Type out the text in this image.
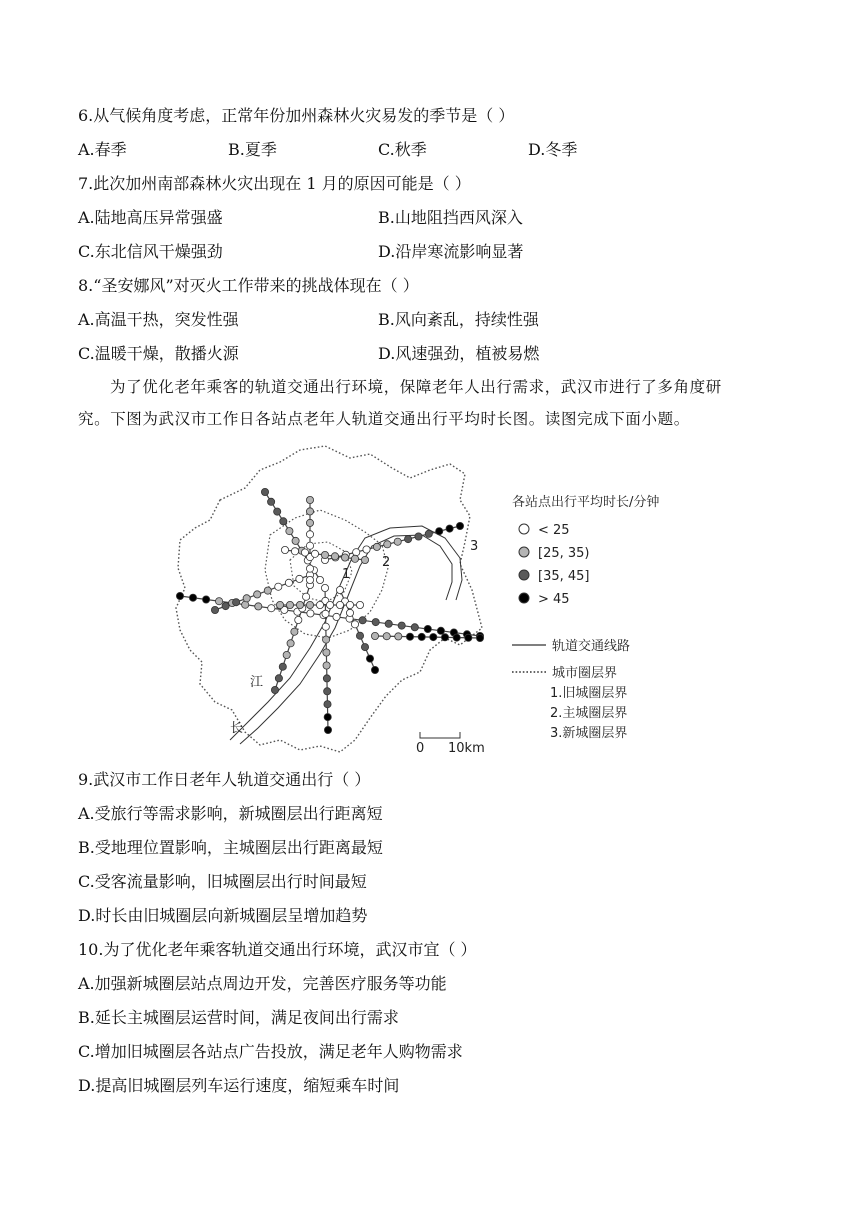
6.从气候角度考虑，正常年份加州森林火灾易发的季节是（ ）
A.春季	B.夏季	C.秋季	D.冬季
7.此次加州南部森林火灾出现在 1 月的原因可能是（ ）
A.陆地高压异常强盛	B.山地阻挡西风深入
C.东北信风干燥强劲	D.沿岸寒流影响显著
8.“圣安娜风”对灭火工作带来的挑战体现在（ ）
A.高温干热，突发性强	B.风向紊乱，持续性强
C.温暖干燥，散播火源	D.风速强劲，植被易燃

为了优化老年乘客的轨道交通出行环境，保障老年人出行需求，武汉市进行了多角度研

究。下图为武汉市工作日各站点老年人轨道交通出行平均时长图。读图完成下面小题。

1
2
3
长
江
各站点出行平均时长/分钟
< 25
[25, 35)
[35, 45]
> 45
轨道交通线路
城市圈层界
1.旧城圈层界
2.主城圈层界
3.新城圈层界
0 10km
9.武汉市工作日老年人轨道交通出行（ ）
A.受旅行等需求影响，新城圈层出行距离短
B.受地理位置影响，主城圈层出行距离最短
C.受客流量影响，旧城圈层出行时间最短
D.时长由旧城圈层向新城圈层呈增加趋势
10.为了优化老年乘客轨道交通出行环境，武汉市宜（ ）
A.加强新城圈层站点周边开发，完善医疗服务等功能
B.延长主城圈层运营时间，满足夜间出行需求
C.增加旧城圈层各站点广告投放，满足老年人购物需求
D.提高旧城圈层列车运行速度，缩短乘车时间
